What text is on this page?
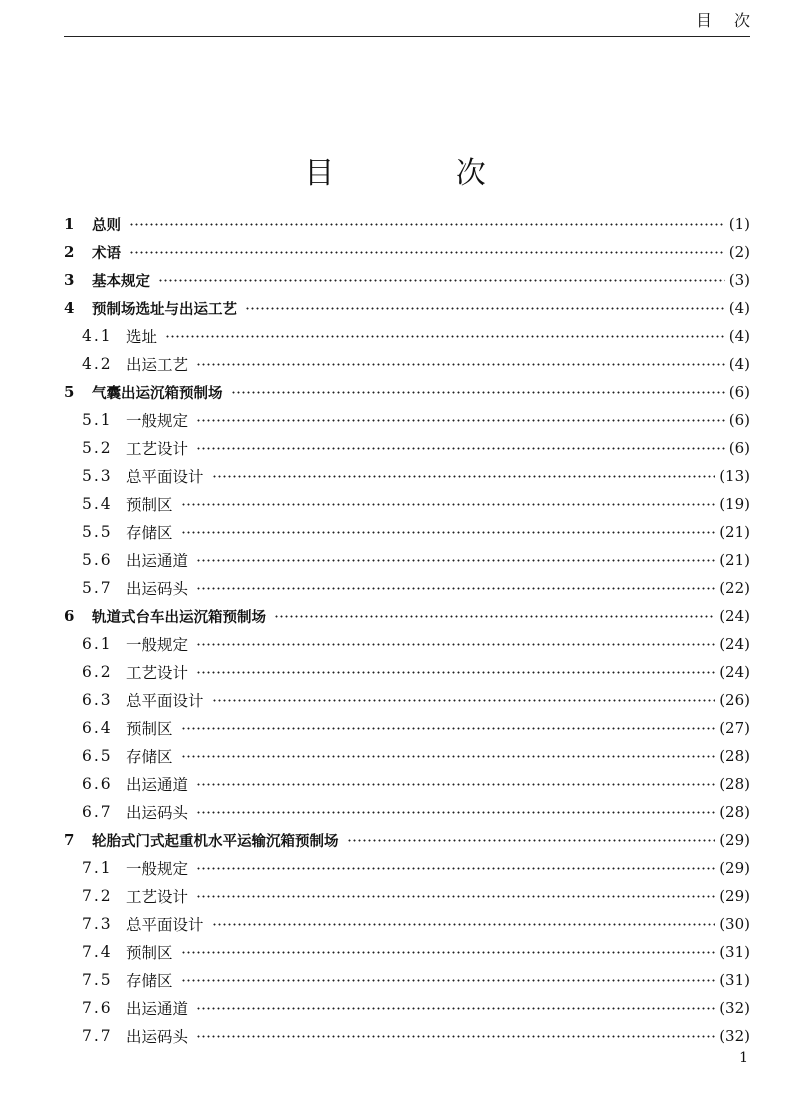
目次
目 次
1	总则	(1)
2	术语	(2)
3	基本规定	(3)
4	预制场选址与出运工艺	(4)
4.1 选址	(4)
4.2 出运工艺	(4)
5	气囊出运沉箱预制场	(6)
5.1 一般规定	(6)
5.2 工艺设计	(6)
5.3 总平面设计	(13)
5.4 预制区	(19)
5.5 存储区	(21)
5.6 出运通道	(21)
5.7 出运码头	(22)
6	轨道式台车出运沉箱预制场	(24)
6.1 一般规定	(24)
6.2 工艺设计	(24)
6.3 总平面设计	(26)
6.4 预制区	(27)
6.5 存储区	(28)
6.6 出运通道	(28)
6.7 出运码头	(28)
7	轮胎式门式起重机水平运输沉箱预制场	(29)
7.1 一般规定	(29)
7.2 工艺设计	(29)
7.3 总平面设计	(30)
7.4 预制区	(31)
7.5 存储区	(31)
7.6 出运通道	(32)
7.7 出运码头	(32)
1
